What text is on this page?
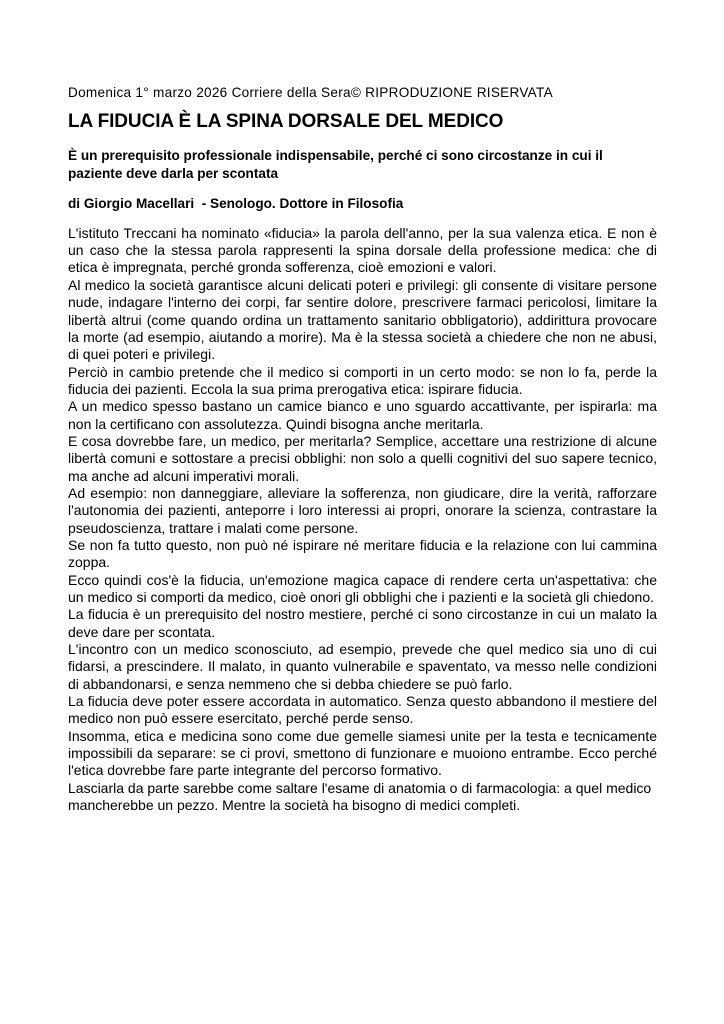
Domenica 1° marzo 2026 Corriere della Sera© RIPRODUZIONE RISERVATA
LA FIDUCIA È LA SPINA DORSALE DEL MEDICO
È un prerequisito professionale indispensabile, perché ci sono circostanze in cui il paziente deve darla per scontata
di Giorgio Macellari  - Senologo. Dottore in Filosofia

L'istituto Treccani ha nominato «fiducia» la parola dell'anno, per la sua valenza etica. E non è un caso che la stessa parola rappresenti la spina dorsale della professione medica: che di etica è impregnata, perché gronda sofferenza, cioè emozioni e valori.

Al medico la società garantisce alcuni delicati poteri e privilegi: gli consente di visitare persone nude, indagare l'interno dei corpi, far sentire dolore, prescrivere farmaci pericolosi, limitare la libertà altrui (come quando ordina un trattamento sanitario obbligatorio), addirittura provocare la morte (ad esempio, aiutando a morire). Ma è la stessa società a chiedere che non ne abusi, di quei poteri e privilegi.

Perciò in cambio pretende che il medico si comporti in un certo modo: se non lo fa, perde la fiducia dei pazienti. Eccola la sua prima prerogativa etica: ispirare fiducia.

A un medico spesso bastano un camice bianco e uno sguardo accattivante, per ispirarla: ma non la certificano con assolutezza. Quindi bisogna anche meritarla.

E cosa dovrebbe fare, un medico, per meritarla? Semplice, accettare una restrizione di alcune libertà comuni e sottostare a precisi obblighi: non solo a quelli cognitivi del suo sapere tecnico, ma anche ad alcuni imperativi morali.

Ad esempio: non danneggiare, alleviare la sofferenza, non giudicare, dire la verità, rafforzare l'autonomia dei pazienti, anteporre i loro interessi ai propri, onorare la scienza, contrastare la pseudoscienza, trattare i malati come persone.

Se non fa tutto questo, non può né ispirare né meritare fiducia e la relazione con lui cammina zoppa.

Ecco quindi cos'è la fiducia, un'emozione magica capace di rendere certa un'aspettativa: che un medico si comporti da medico, cioè onori gli obblighi che i pazienti e la società gli chiedono.

La fiducia è un prerequisito del nostro mestiere, perché ci sono circostanze in cui un malato la deve dare per scontata.

L'incontro con un medico sconosciuto, ad esempio, prevede che quel medico sia uno di cui fidarsi, a prescindere. Il malato, in quanto vulnerabile e spaventato, va messo nelle condizioni di abbandonarsi, e senza nemmeno che si debba chiedere se può farlo.

La fiducia deve poter essere accordata in automatico. Senza questo abbandono il mestiere del medico non può essere esercitato, perché perde senso.

Insomma, etica e medicina sono come due gemelle siamesi unite per la testa e tecnicamente impossibili da separare: se ci provi, smettono di funzionare e muoiono entrambe. Ecco perché l'etica dovrebbe fare parte integrante del percorso formativo.

Lasciarla da parte sarebbe come saltare l'esame di anatomia o di farmacologia: a quel medico mancherebbe un pezzo. Mentre la società ha bisogno di medici completi.
